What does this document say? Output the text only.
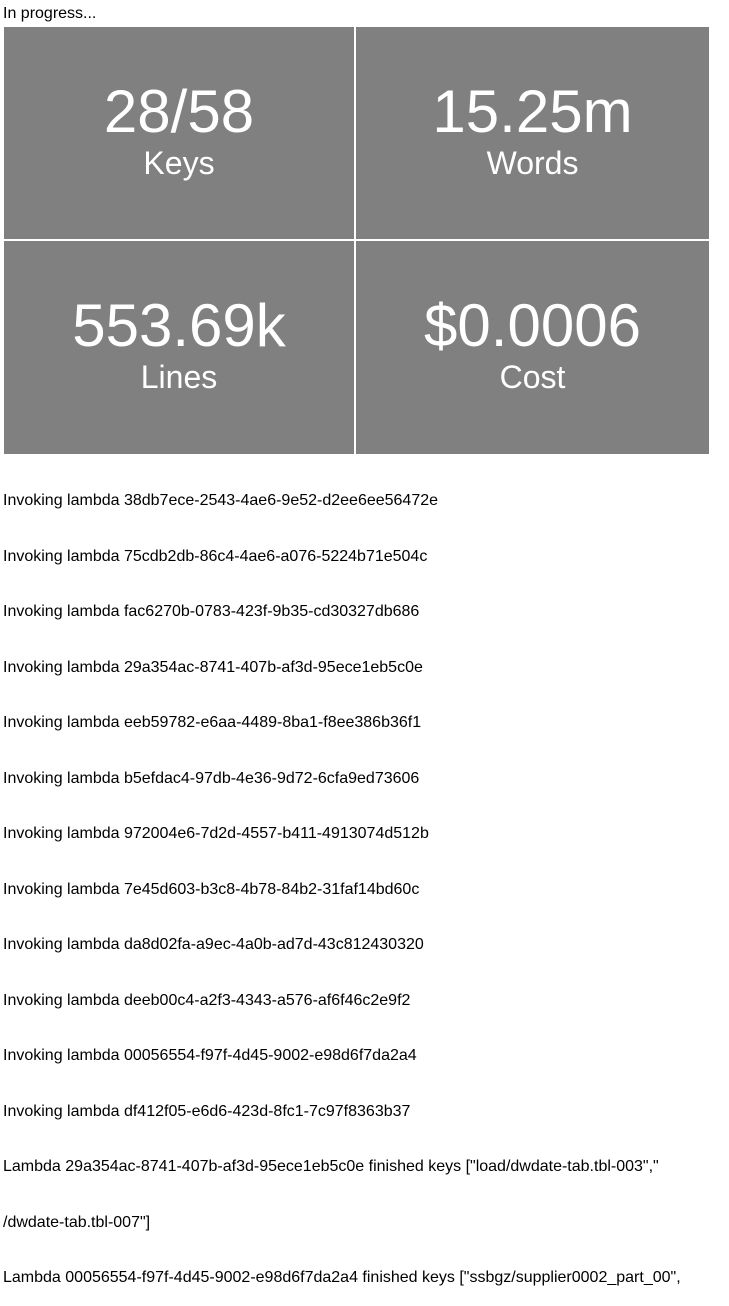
In progress...
28/58
Keys
15.25m
Words
553.69k
Lines
$0.0006
Cost

Invoking lambda 38db7ece-2543-4ae6-9e52-d2ee6ee56472e

Invoking lambda 75cdb2db-86c4-4ae6-a076-5224b71e504c

Invoking lambda fac6270b-0783-423f-9b35-cd30327db686

Invoking lambda 29a354ac-8741-407b-af3d-95ece1eb5c0e

Invoking lambda eeb59782-e6aa-4489-8ba1-f8ee386b36f1

Invoking lambda b5efdac4-97db-4e36-9d72-6cfa9ed73606

Invoking lambda 972004e6-7d2d-4557-b411-4913074d512b

Invoking lambda 7e45d603-b3c8-4b78-84b2-31faf14bd60c

Invoking lambda da8d02fa-a9ec-4a0b-ad7d-43c812430320

Invoking lambda deeb00c4-a2f3-4343-a576-af6f46c2e9f2

Invoking lambda 00056554-f97f-4d45-9002-e98d6f7da2a4

Invoking lambda df412f05-e6d6-423d-8fc1-7c97f8363b37

Lambda 29a354ac-8741-407b-af3d-95ece1eb5c0e finished keys ["load/dwdate-tab.tbl-003","

/dwdate-tab.tbl-007"]

Lambda 00056554-f97f-4d45-9002-e98d6f7da2a4 finished keys ["ssbgz/supplier0002_part_00",
